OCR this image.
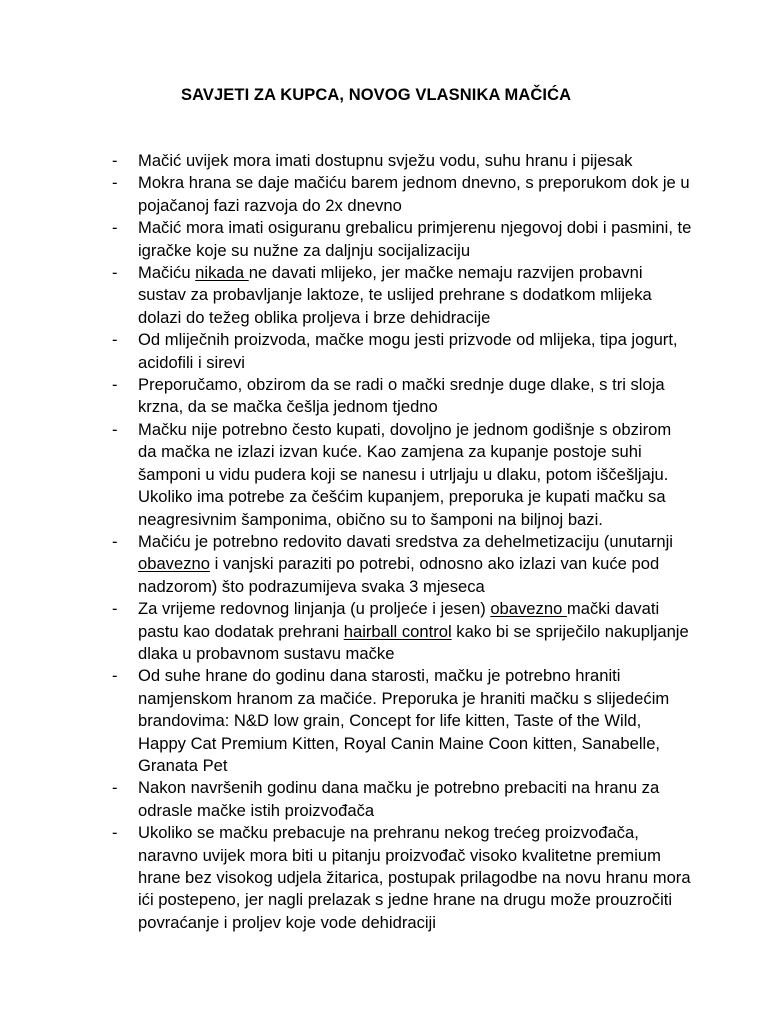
SAVJETI ZA KUPCA, NOVOG VLASNIKA MAČIĆA
-	Mačić uvijek mora imati dostupnu svježu vodu, suhu hranu i pijesak
-	Mokra hrana se daje mačiću barem jednom dnevno, s preporukom dok je u pojačanoj fazi razvoja do 2x dnevno
-	Mačić mora imati osiguranu grebalicu primjerenu njegovoj dobi i pasmini, te igračke koje su nužne za daljnju socijalizaciju
-	Mačiću nikada ne davati mlijeko, jer mačke nemaju razvijen probavni sustav za probavljanje laktoze, te uslijed prehrane s dodatkom mlijeka dolazi do težeg oblika proljeva i brze dehidracije
-	Od mliječnih proizvoda, mačke mogu jesti prizvode od mlijeka, tipa jogurt, acidofili i sirevi
-	Preporučamo, obzirom da se radi o mački srednje duge dlake, s tri sloja krzna, da se mačka češlja jednom tjedno
-	Mačku nije potrebno često kupati, dovoljno je jednom godišnje s obzirom da mačka ne izlazi izvan kuće. Kao zamjena za kupanje postoje suhi šamponi u vidu pudera koji se nanesu i utrljaju u dlaku, potom iščešljaju. Ukoliko ima potrebe za češćim kupanjem, preporuka je kupati mačku sa neagresivnim šamponima, obično su to šamponi na biljnoj bazi.
-	Mačiću je potrebno redovito davati sredstva za dehelmetizaciju (unutarnji obavezno i vanjski paraziti po potrebi, odnosno ako izlazi van kuće pod nadzorom) što podrazumijeva svaka 3 mjeseca
-	Za vrijeme redovnog linjanja (u proljeće i jesen) obavezno mački davati pastu kao dodatak prehrani hairball control kako bi se spriječilo nakupljanje dlaka u probavnom sustavu mačke
-	Od suhe hrane do godinu dana starosti, mačku je potrebno hraniti namjenskom hranom za mačiće. Preporuka je hraniti mačku s slijedećim brandovima: N&D low grain, Concept for life kitten, Taste of the Wild, Happy Cat Premium Kitten, Royal Canin Maine Coon kitten, Sanabelle, Granata Pet
-	Nakon navršenih godinu dana mačku je potrebno prebaciti na hranu za odrasle mačke istih proizvođača
-	Ukoliko se mačku prebacuje na prehranu nekog trećeg proizvođača, naravno uvijek mora biti u pitanju proizvođač visoko kvalitetne premium hrane bez visokog udjela žitarica, postupak prilagodbe na novu hranu mora ići postepeno, jer nagli prelazak s jedne hrane na drugu može prouzročiti povraćanje i proljev koje vode dehidraciji
